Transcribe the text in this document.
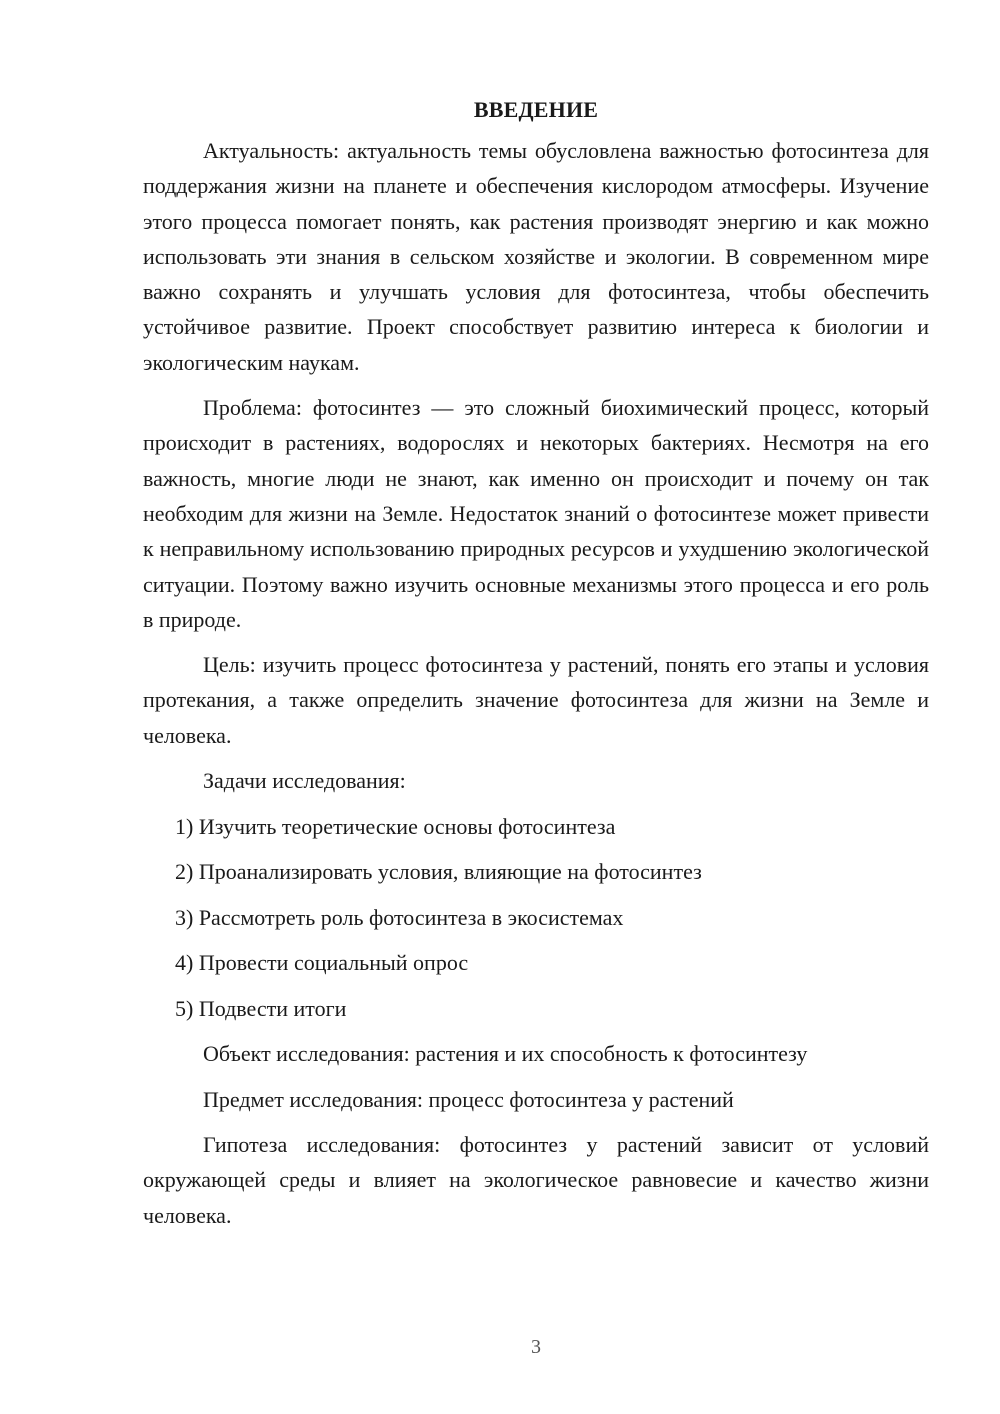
ВВЕДЕНИЕ

Актуальность: актуальность темы обусловлена важностью фотосинтеза для поддержания жизни на планете и обеспечения кислородом атмосферы. Изучение этого процесса помогает понять, как растения производят энергию и как можно использовать эти знания в сельском хозяйстве и экологии. В современном мире важно сохранять и улучшать условия для фотосинтеза, чтобы обеспечить устойчивое развитие. Проект способствует развитию интереса к биологии и экологическим наукам.

Проблема: фотосинтез — это сложный биохимический процесс, который происходит в растениях, водорослях и некоторых бактериях. Несмотря на его важность, многие люди не знают, как именно он происходит и почему он так необходим для жизни на Земле. Недостаток знаний о фотосинтезе может привести к неправильному использованию природных ресурсов и ухудшению экологической ситуации. Поэтому важно изучить основные механизмы этого процесса и его роль в природе.

Цель: изучить процесс фотосинтеза у растений, понять его этапы и условия протекания, а также определить значение фотосинтеза для жизни на Земле и человека.

Задачи исследования:
1) Изучить теоретические основы фотосинтеза
2) Проанализировать условия, влияющие на фотосинтез
3) Рассмотреть роль фотосинтеза в экосистемах
4) Провести социальный опрос
5) Подвести итоги
Объект исследования: растения и их способность к фотосинтезу
Предмет исследования: процесс фотосинтеза у растений

Гипотеза исследования: фотосинтез у растений зависит от условий окружающей среды и влияет на экологическое равновесие и качество жизни человека.

3
